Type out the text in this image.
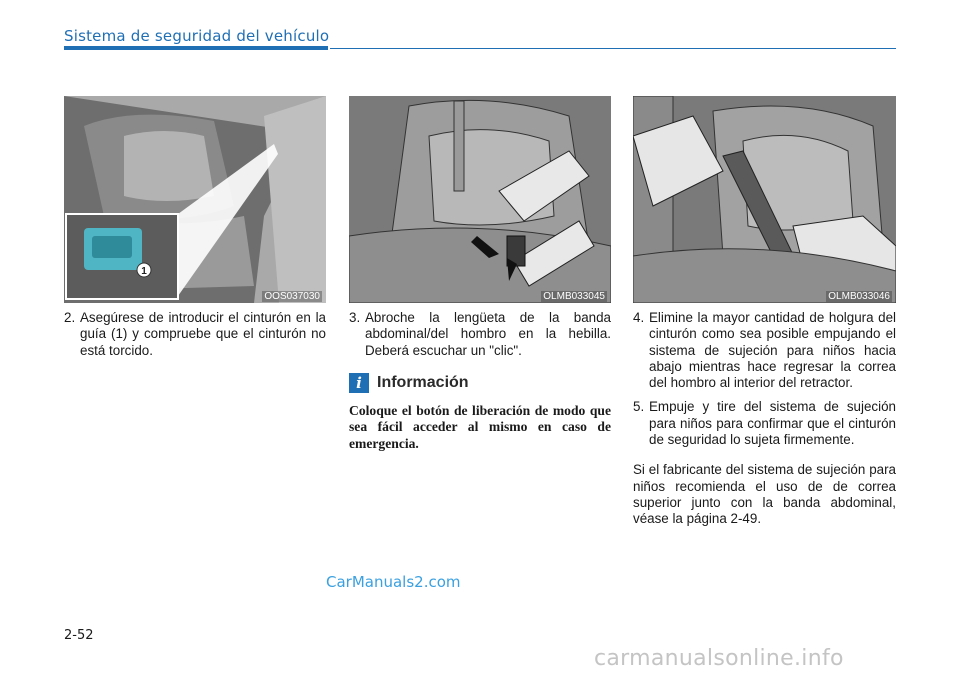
Sistema de seguridad del vehículo
1
OOS037030	OLMB033045	OLMB033046
2. Asegúrese de introducir el cinturón en la guía (1) y compruebe que el cinturón no está torcido.
3. Abroche la lengüeta de la banda abdominal/del hombro en la hebilla. Deberá escuchar un "clic".
i Información
Coloque el botón de liberación de modo que sea fácil acceder al mismo en caso de emergencia.
4. Elimine la mayor cantidad de holgura del cinturón como sea posible empujando el sistema de sujeción para niños hacia abajo mientras hace regresar la correa del hombro al interior del retractor.
5. Empuje y tire del sistema de sujeción para niños para confirmar que el cinturón de seguridad lo sujeta firmemente.
Si el fabricante del sistema de sujeción para niños recomienda el uso de de correa superior junto con la banda abdominal, véase la página 2-49.
CarManuals2.com
2-52
carmanualsonline.info
